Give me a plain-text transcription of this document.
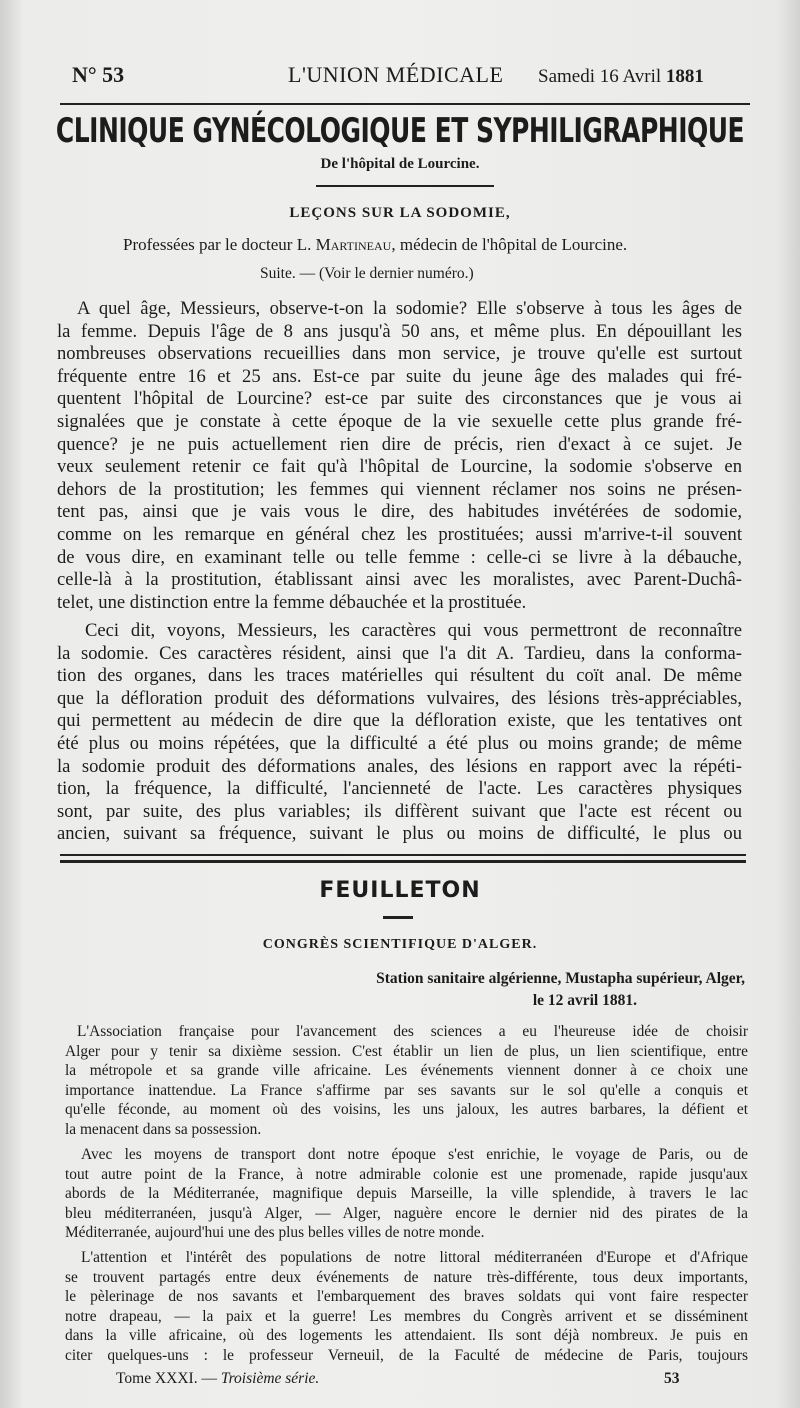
N° 53	L'UNION MÉDICALE Samedi 16 Avril 1881
CLINIQUE GYNÉCOLOGIQUE ET SYPHILIGRAPHIQUE
De l'hôpital de Lourcine.
LEÇONS SUR LA SODOMIE,
Professées par le docteur L. Martineau, médecin de l'hôpital de Lourcine.
Suite. — (Voir le dernier numéro.)
A quel âge, Messieurs, observe-t-on la sodomie? Elle s'observe à tous les âges de
la femme. Depuis l'âge de 8 ans jusqu'à 50 ans, et même plus. En dépouillant les
nombreuses observations recueillies dans mon service, je trouve qu'elle est surtout
fréquente entre 16 et 25 ans. Est-ce par suite du jeune âge des malades qui fré-
quentent l'hôpital de Lourcine? est-ce par suite des circonstances que je vous ai
signalées que je constate à cette époque de la vie sexuelle cette plus grande fré-
quence? je ne puis actuellement rien dire de précis, rien d'exact à ce sujet. Je
veux seulement retenir ce fait qu'à l'hôpital de Lourcine, la sodomie s'observe en
dehors de la prostitution; les femmes qui viennent réclamer nos soins ne présen-
tent pas, ainsi que je vais vous le dire, des habitudes invétérées de sodomie,
comme on les remarque en général chez les prostituées; aussi m'arrive-t-il souvent
de vous dire, en examinant telle ou telle femme : celle-ci se livre à la débauche,
celle-là à la prostitution, établissant ainsi avec les moralistes, avec Parent-Duchâ-
telet, une distinction entre la femme débauchée et la prostituée.
Ceci dit, voyons, Messieurs, les caractères qui vous permettront de reconnaître
la sodomie. Ces caractères résident, ainsi que l'a dit A. Tardieu, dans la conforma-
tion des organes, dans les traces matérielles qui résultent du coït anal. De même
que la défloration produit des déformations vulvaires, des lésions très-appréciables,
qui permettent au médecin de dire que la défloration existe, que les tentatives ont
été plus ou moins répétées, que la difficulté a été plus ou moins grande; de même
la sodomie produit des déformations anales, des lésions en rapport avec la répéti-
tion, la fréquence, la difficulté, l'ancienneté de l'acte. Les caractères physiques
sont, par suite, des plus variables; ils diffèrent suivant que l'acte est récent ou
ancien, suivant sa fréquence, suivant le plus ou moins de difficulté, le plus ou
FEUILLETON
CONGRÈS SCIENTIFIQUE D'ALGER.
Station sanitaire algérienne, Mustapha supérieur, Alger,
le 12 avril 1881.
L'Association française pour l'avancement des sciences a eu l'heureuse idée de choisir
Alger pour y tenir sa dixième session. C'est établir un lien de plus, un lien scientifique, entre
la métropole et sa grande ville africaine. Les événements viennent donner à ce choix une
importance inattendue. La France s'affirme par ses savants sur le sol qu'elle a conquis et
qu'elle féconde, au moment où des voisins, les uns jaloux, les autres barbares, la défient et
la menacent dans sa possession.
Avec les moyens de transport dont notre époque s'est enrichie, le voyage de Paris, ou de
tout autre point de la France, à notre admirable colonie est une promenade, rapide jusqu'aux
abords de la Méditerranée, magnifique depuis Marseille, la ville splendide, à travers le lac
bleu méditerranéen, jusqu'à Alger, — Alger, naguère encore le dernier nid des pirates de la
Méditerranée, aujourd'hui une des plus belles villes de notre monde.
L'attention et l'intérêt des populations de notre littoral méditerranéen d'Europe et d'Afrique
se trouvent partagés entre deux événements de nature très-différente, tous deux importants,
le pèlerinage de nos savants et l'embarquement des braves soldats qui vont faire respecter
notre drapeau, — la paix et la guerre! Les membres du Congrès arrivent et se disséminent
dans la ville africaine, où des logements les attendaient. Ils sont déjà nombreux. Je puis en
citer quelques-uns : le professeur Verneuil, de la Faculté de médecine de Paris, toujours
Tome XXXI. — Troisième série.	53
